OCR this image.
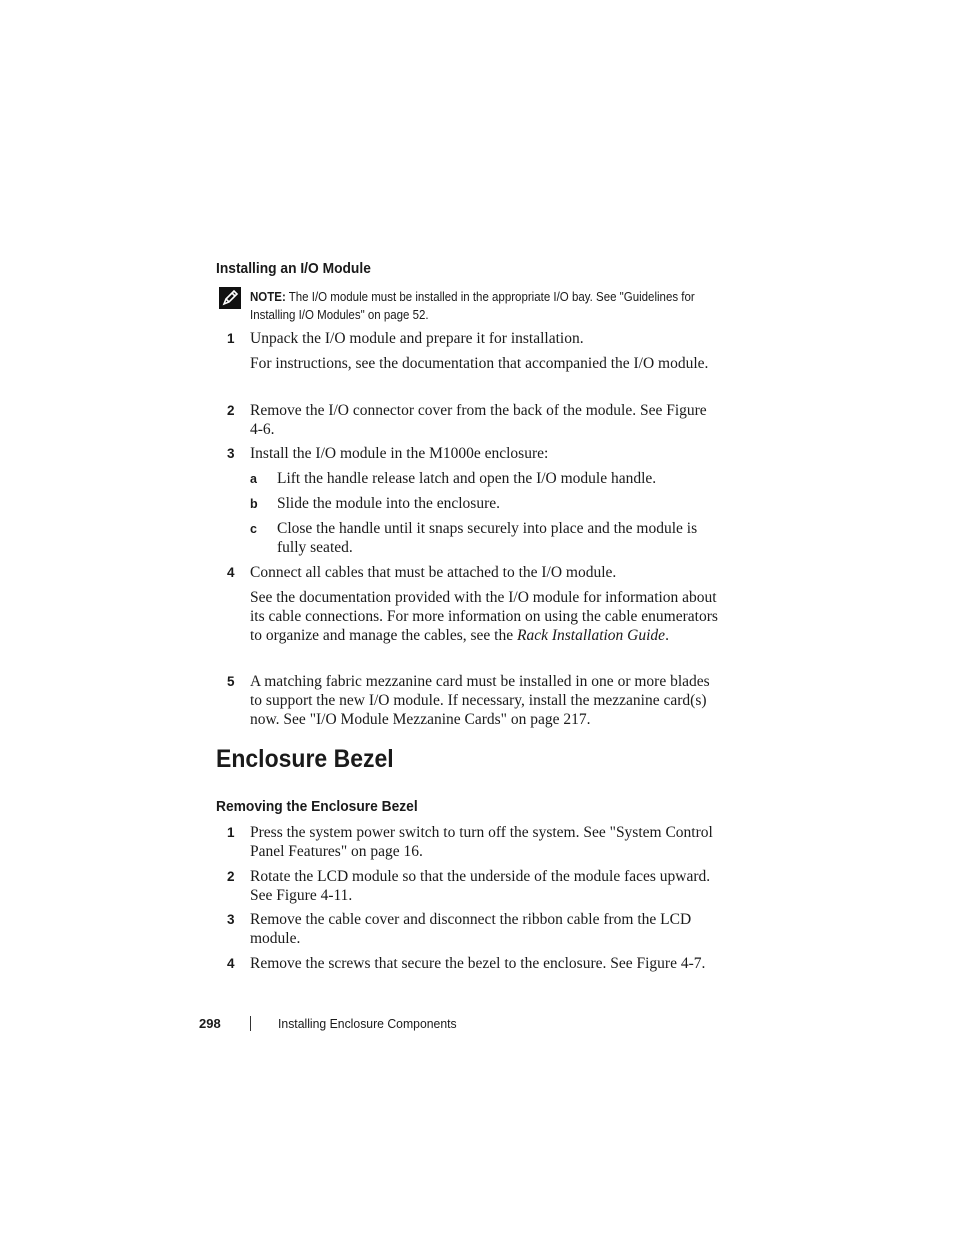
Installing an I/O Module
NOTE: The I/O module must be installed in the appropriate I/O bay. See "Guidelines for Installing I/O Modules" on page 52.
1 Unpack the I/O module and prepare it for installation.
For instructions, see the documentation that accompanied the I/O module.
2 Remove the I/O connector cover from the back of the module. See Figure 4-6.
3 Install the I/O module in the M1000e enclosure:
a Lift the handle release latch and open the I/O module handle.
b Slide the module into the enclosure.
c Close the handle until it snaps securely into place and the module is fully seated.
4 Connect all cables that must be attached to the I/O module.
See the documentation provided with the I/O module for information about its cable connections. For more information on using the cable enumerators to organize and manage the cables, see the Rack Installation Guide.
5 A matching fabric mezzanine card must be installed in one or more blades to support the new I/O module. If necessary, install the mezzanine card(s) now. See "I/O Module Mezzanine Cards" on page 217.
Enclosure Bezel
Removing the Enclosure Bezel
1 Press the system power switch to turn off the system. See "System Control Panel Features" on page 16.
2 Rotate the LCD module so that the underside of the module faces upward. See Figure 4-11.
3 Remove the cable cover and disconnect the ribbon cable from the LCD module.
4 Remove the screws that secure the bezel to the enclosure. See Figure 4-7.
298	Installing Enclosure Components
